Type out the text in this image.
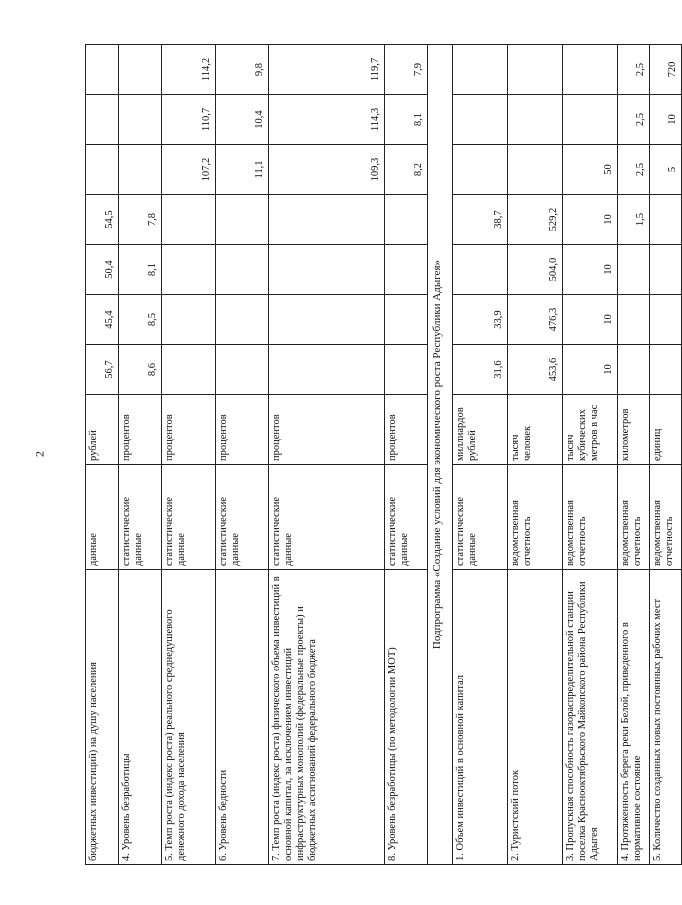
2
бюджетных инвестиций) на душу населения	данные	рублей	56,7	45,4	50,4	54,5			
4. Уровень безработицы	статистические данные	процентов	8,6	8,5	8,1	7,8			
5. Темп роста (индекс роста) реального среднедушевого денежного дохода населения	статистические данные	процентов					107,2	110,7	114,2
6. Уровень бедности	статистические данные	процентов					11,1	10,4	9,8
7. Темп роста (индекс роста) физического объема инвестиций в основной капитал, за исключением инвестиций инфраструктурных монополий (федеральные проекты) и бюджетных ассигнований федерального бюджета	статистические данные	процентов					109,3	114,3	119,7
8. Уровень безработицы (по методологии МОТ)	статистические данные	процентов					8,2	8,1	7,9
Подпрограмма «Создание условий для экономического роста Республики Адыгея»									
1. Объем инвестиций в основной капитал	статистические данные	миллиардов рублей	31,6	33,9		38,7			
2. Туристский поток	ведомственная отчетность	тысяч человек	453,6	476,3	504,0	529,2			
3. Пропускная способность газораспределительной станции поселка Краснооктябрьского Майкопского района Республики Адыгея	ведомственная отчетность	тысяч кубических метров в час	10	10	10	10	50		
4. Протяженность берега реки Белой, приведенного в нормативное состояние	ведомственная отчетность	километров				1,5	2,5	2,5	2,5
5. Количество созданных новых постоянных рабочих мест	ведомственная отчетность	единиц					5	10	720
